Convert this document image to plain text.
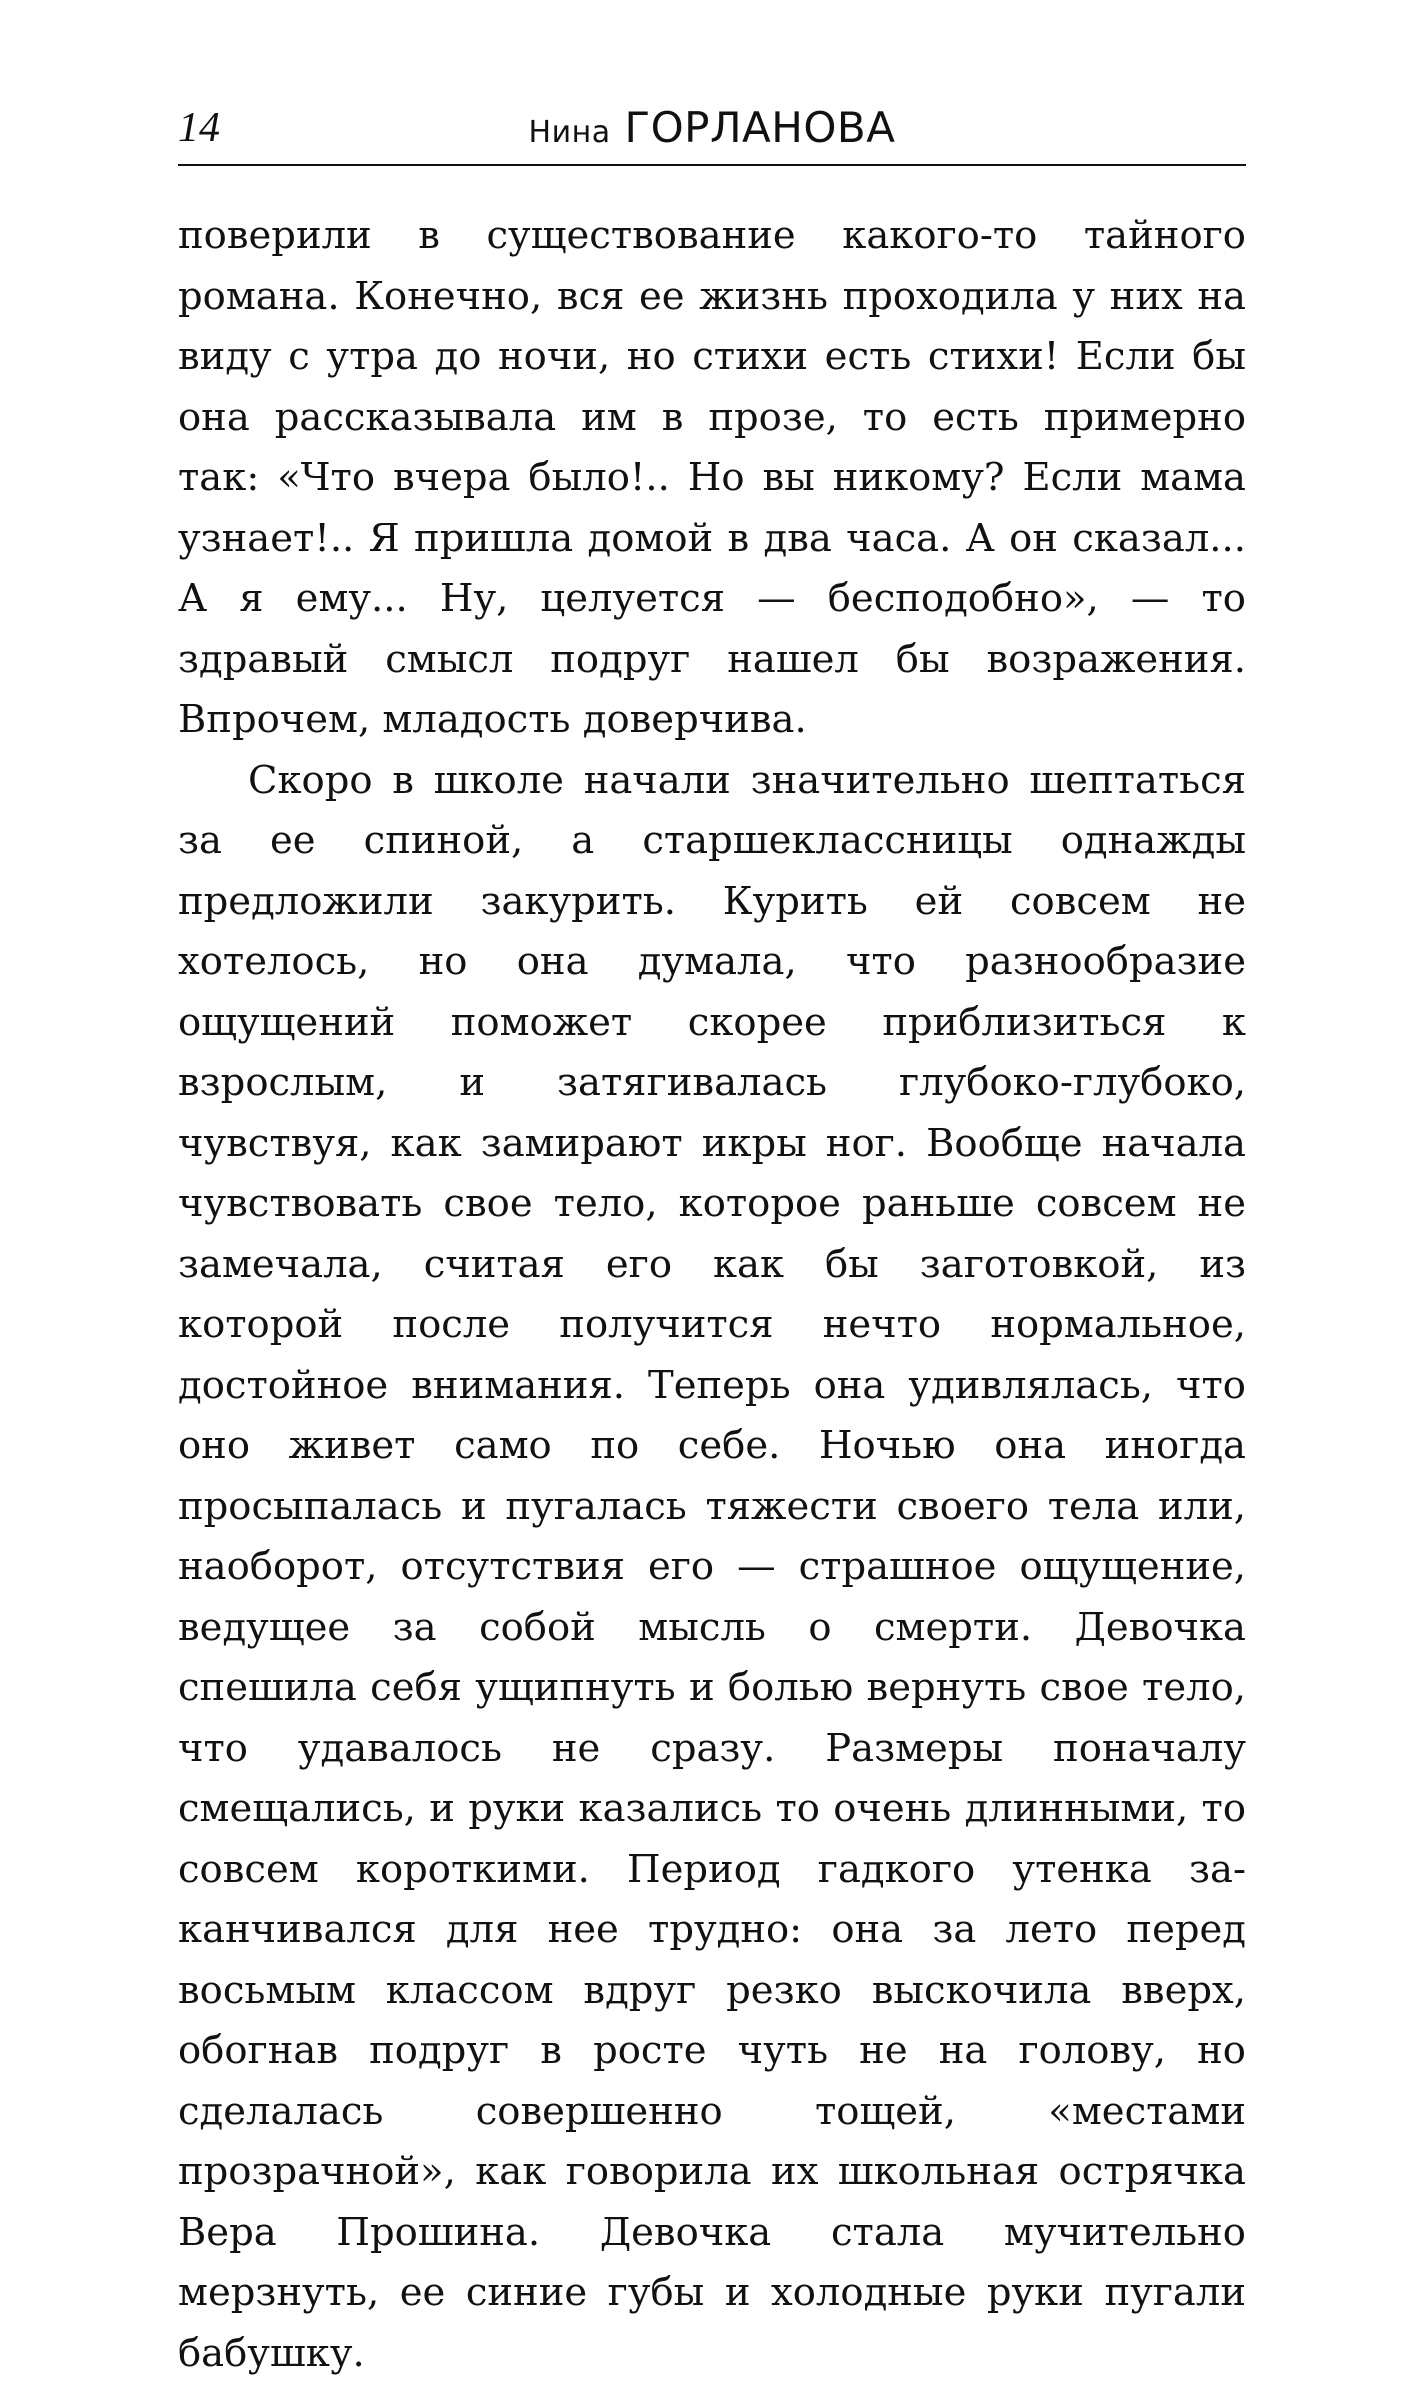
14	Нина ГОРЛАНОВА

поверили в существование какого-то тайного романа. Конечно, вся ее жизнь проходила у них на виду с утра до ночи, но стихи есть стихи! Если бы она рассказывала им в прозе, то есть примерно так: «Что вчера было!.. Но вы никому? Если мама узнает!.. Я пришла домой в два часа. А он сказал... А я ему... Ну, целуется — бесподобно», — то здравый смысл подруг нашел бы возражения. Впрочем, младость доверчива.

Скоро в школе начали значительно шептаться за ее спиной, а старшеклассницы однажды предложили закурить. Курить ей совсем не хотелось, но она думала, что разнообразие ощущений поможет скорее приблизиться к взрослым, и затягивалась глубоко-глубоко, чувствуя, как замирают икры ног. Вообще начала чувствовать свое тело, которое раньше совсем не замечала, считая его как бы заготовкой, из которой после получится нечто нормальное, достойное внимания. Теперь она удивлялась, что оно живет само по себе. Ночью она иногда просыпалась и пугалась тяжести своего тела или, наоборот, отсутствия его — страшное ощущение, ведущее за собой мысль о смерти. Девочка спешила себя ущипнуть и болью вернуть свое тело, что удавалось не сразу. Размеры поначалу смещались, и руки казались то очень длинными, то совсем короткими. Период гадкого утенка заканчивался для нее трудно: она за лето перед восьмым классом вдруг резко выскочила вверх, обогнав подруг в росте чуть не на голову, но сделалась совершенно тощей, «местами прозрачной», как говорила их школьная острячка Вера Прошина. Девочка стала мучительно мерзнуть, ее синие губы и холодные руки пугали бабушку.
